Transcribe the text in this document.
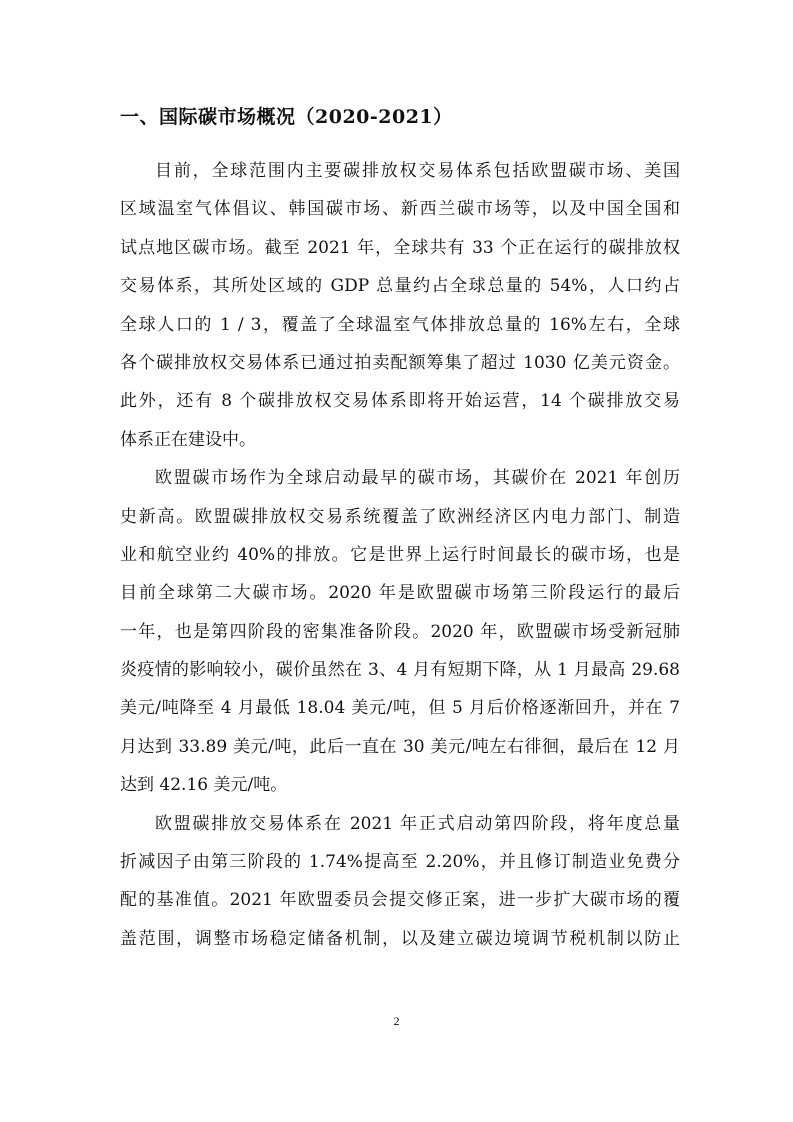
一、国际碳市场概况（2020-2021）
目前，全球范围内主要碳排放权交易体系包括欧盟碳市场、美国
区域温室气体倡议、韩国碳市场、新西兰碳市场等，以及中国全国和
试点地区碳市场。截至 2021 年，全球共有 33 个正在运行的碳排放权
交易体系，其所处区域的 GDP 总量约占全球总量的 54%，人口约占
全球人口的 1 / 3，覆盖了全球温室气体排放总量的 16%左右，全球
各个碳排放权交易体系已通过拍卖配额筹集了超过 1030 亿美元资金。
此外，还有 8 个碳排放权交易体系即将开始运营，14 个碳排放交易
体系正在建设中。
欧盟碳市场作为全球启动最早的碳市场，其碳价在 2021 年创历
史新高。欧盟碳排放权交易系统覆盖了欧洲经济区内电力部门、制造
业和航空业约 40%的排放。它是世界上运行时间最长的碳市场，也是
目前全球第二大碳市场。2020 年是欧盟碳市场第三阶段运行的最后
一年，也是第四阶段的密集准备阶段。2020 年，欧盟碳市场受新冠肺
炎疫情的影响较小，碳价虽然在 3、4 月有短期下降，从 1 月最高 29.68
美元/吨降至 4 月最低 18.04 美元/吨，但 5 月后价格逐渐回升，并在 7
月达到 33.89 美元/吨，此后一直在 30 美元/吨左右徘徊，最后在 12 月
达到 42.16 美元/吨。
欧盟碳排放交易体系在 2021 年正式启动第四阶段，将年度总量
折减因子由第三阶段的 1.74%提高至 2.20%，并且修订制造业免费分
配的基准值。2021 年欧盟委员会提交修正案，进一步扩大碳市场的覆
盖范围，调整市场稳定储备机制，以及建立碳边境调节税机制以防止
2
